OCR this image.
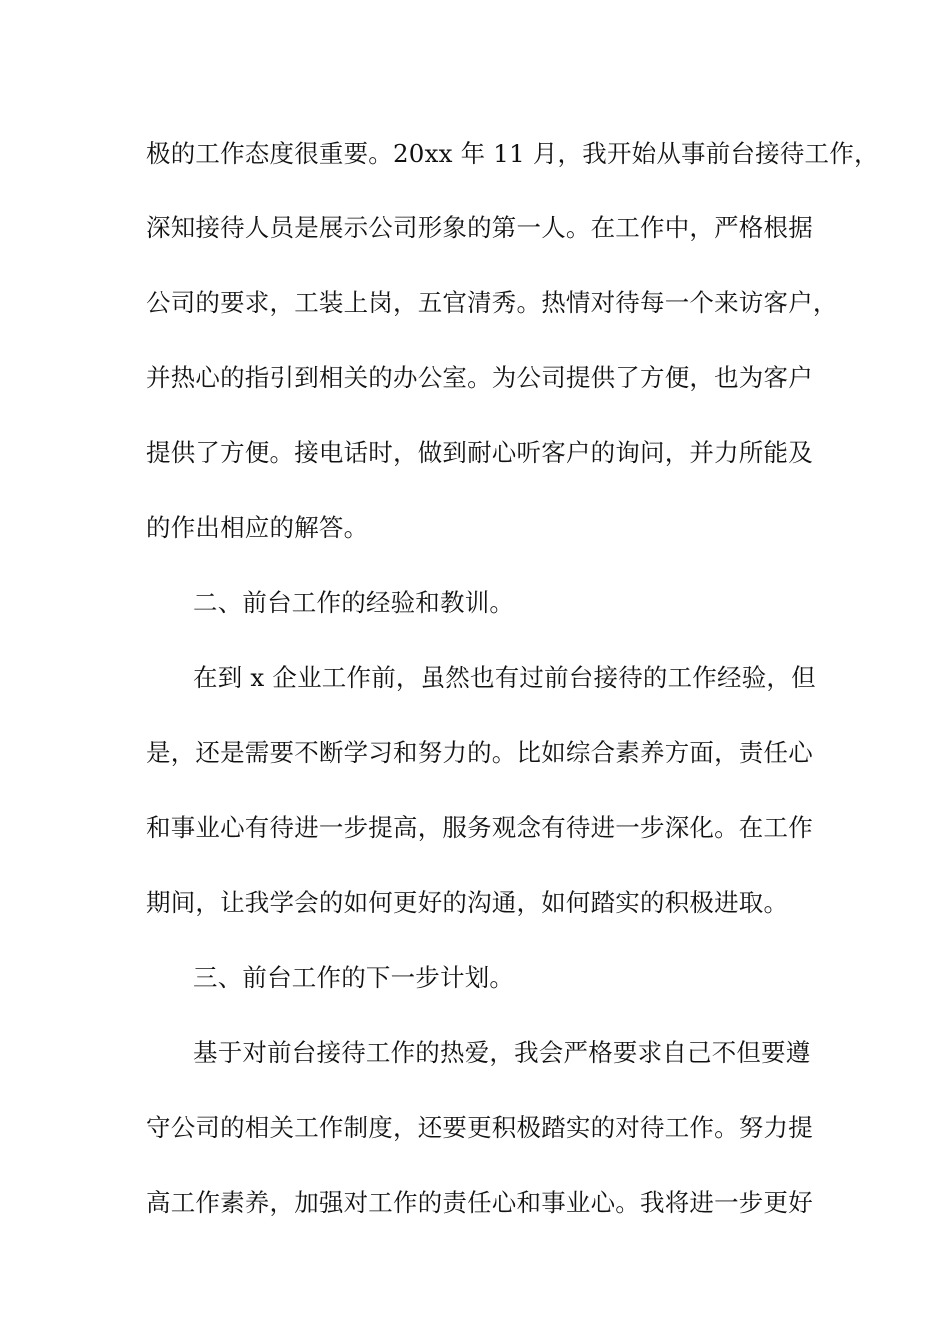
极的工作态度很重要。20xx 年 11 月，我开始从事前台接待工作，
深知接待人员是展示公司形象的第一人。在工作中，严格根据
公司的要求，工装上岗，五官清秀。热情对待每一个来访客户，
并热心的指引到相关的办公室。为公司提供了方便，也为客户
提供了方便。接电话时，做到耐心听客户的询问，并力所能及
的作出相应的解答。
二、前台工作的经验和教训。
在到 x 企业工作前，虽然也有过前台接待的工作经验，但
是，还是需要不断学习和努力的。比如综合素养方面，责任心
和事业心有待进一步提高，服务观念有待进一步深化。在工作
期间，让我学会的如何更好的沟通，如何踏实的积极进取。
三、前台工作的下一步计划。
基于对前台接待工作的热爱，我会严格要求自己不但要遵
守公司的相关工作制度，还要更积极踏实的对待工作。努力提
高工作素养，加强对工作的责任心和事业心。我将进一步更好
